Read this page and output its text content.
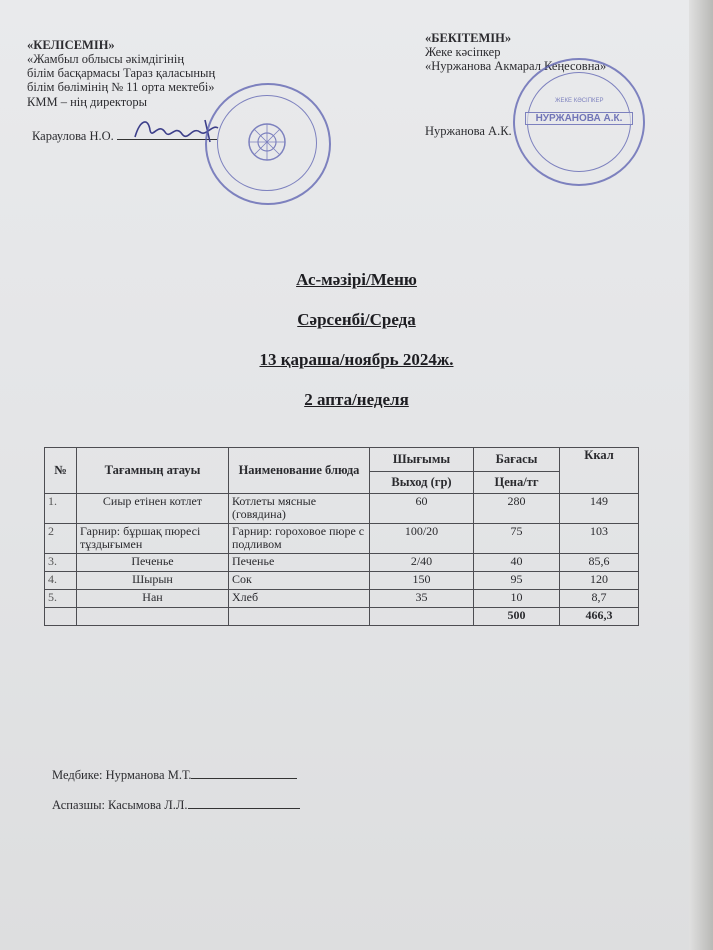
«КЕЛІСЕМІН»
«Жамбыл облысы әкімдігінің
білім басқармасы Тараз қаласының
білім бөлімінің № 11 орта мектебі»
КММ – нің директоры
Караулова Н.О.
«БЕКІТЕМІН»
Жеке кәсіпкер
«Нуржанова Акмарал Кеңесовна»
Нуржанова А.К.
ЖЕКЕ КӘСІПКЕР
НУРЖАНОВА А.К.
Ас-мәзірі/Меню
Сәрсенбі/Среда
13 қараша/ноябрь 2024ж.
2 апта/неделя
№	Тағамның атауы	Наименование блюда	Шығымы	Бағасы	Ккал
			Выход (гр)	Цена/тг	
1.	Сиыр етінен котлет	Котлеты мясные (говядина)	60	280	149
2	Гарнир: бұршақ пюресі тұздығымен	Гарнир: гороховое пюре с подливом	100/20	75	103
3.	Печенье	Печенье	2/40	40	85,6
4.	Шырын	Сок	150	95	120
5.	Нан	Хлеб	35	10	8,7
				500	466,3
Медбике: Нурманова М.Т.
Аспазшы: Касымова Л.Л.
